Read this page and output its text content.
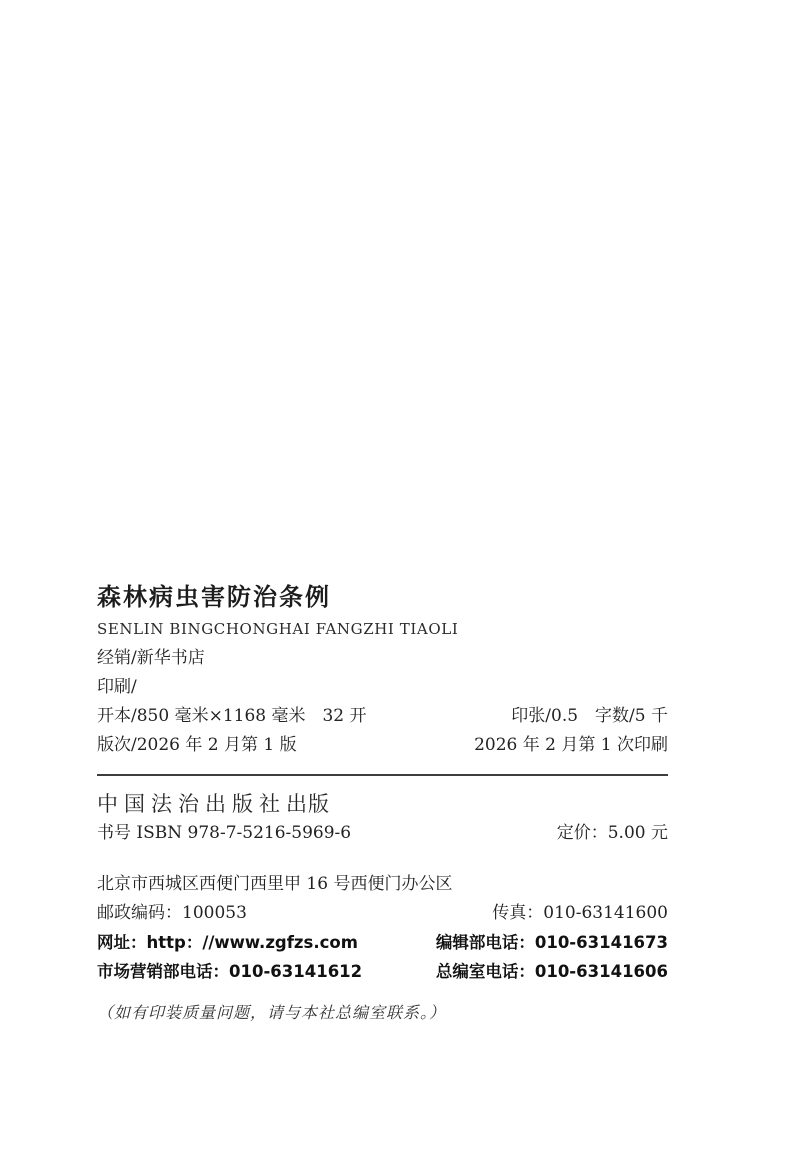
森林病虫害防治条例
SENLIN BINGCHONGHAI FANGZHI TIAOLI
经销/新华书店
印刷/
开本/850 毫米×1168 毫米　32 开	印张/0.5　字数/5 千
版次/2026 年 2 月第 1 版	2026 年 2 月第 1 次印刷
中国法治出版社出版
书号 ISBN 978-7-5216-5969-6	定价：5.00 元
北京市西城区西便门西里甲 16 号西便门办公区
邮政编码：100053	传真：010-63141600
网址：http：//www.zgfzs.com	编辑部电话：010-63141673
市场营销部电话：010-63141612	总编室电话：010-63141606
（如有印装质量问题，请与本社总编室联系。）
